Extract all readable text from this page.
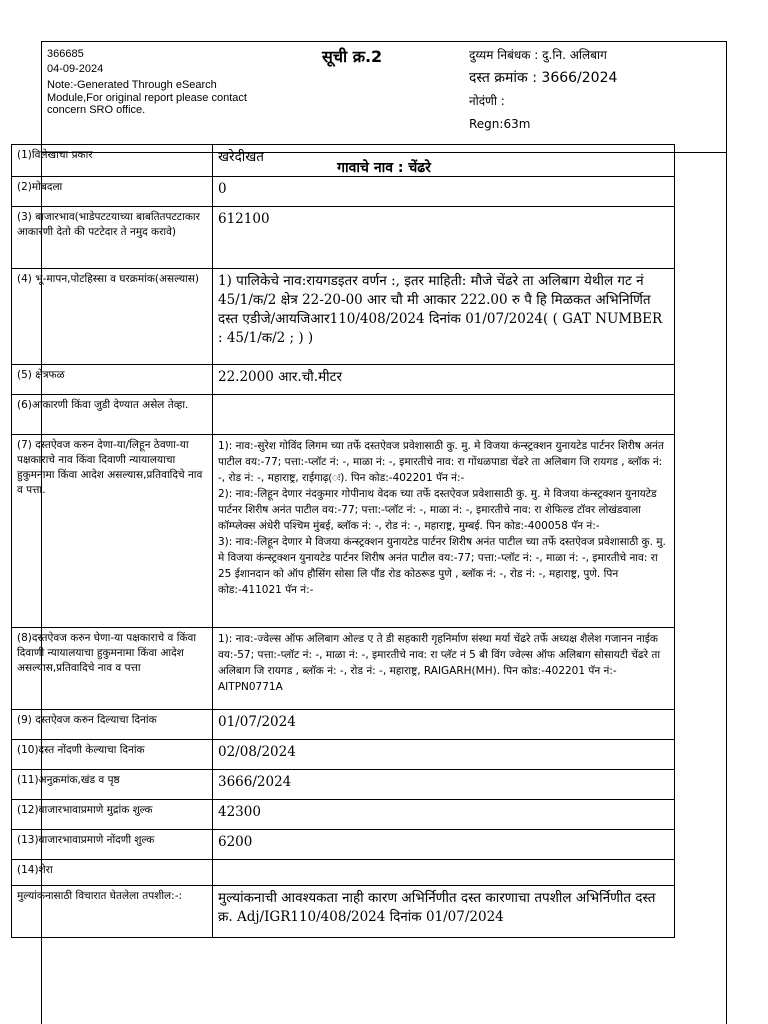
366685
04-09-2024
Note:-Generated Through eSearch Module,For original report please contact concern SRO office.
सूची क्र.2	दुय्यम निबंधक : दु.नि. अलिबाग
दस्त क्रमांक : 3666/2024
नोदंणी :
Regn:63m
गावाचे नाव : चेंढरे
(1)विलेखाचा प्रकार	खरेदीखत

(2)मोबदला	0

(3) बाजारभाव(भाडेपटटयाच्या बाबतितपटटाकार आकारणी देतो की पटटेदार ते नमुद करावे)	612100

(4) भू-मापन,पोटहिस्सा व घरक्रमांक(असल्यास)	1) पालिकेचे नाव:रायगडइतर वर्णन :, इतर माहिती: मौजे चेंढरे ता अलिबाग येथील गट नं 45/1/क/2 क्षेत्र 22-20-00 आर चौ मी आकार 222.00 रु पै हि मिळकत अभिनिर्णित दस्त एडीजे/आयजिआर110/408/2024 दिनांक 01/07/2024( ( GAT NUMBER : 45/1/क/2 ; ) )

(5) क्षेत्रफळ	22.2000 आर.चौ.मीटर

(6)आकारणी किंवा जुडी देण्यात असेल तेव्हा.	

(7) दस्तऐवज करुन देणा-या/लिहून ठेवणा-या पक्षकाराचे नाव किंवा दिवाणी न्यायालयाचा हुकुमनामा किंवा आदेश असल्यास,प्रतिवादिचे नाव व पत्ता.	1): नाव:-सुरेश गोविंद लिगम च्या तर्फे दस्तऐवज प्रवेशासाठी कु. मु. मे विजया कंन्स्ट्रक्शन युनायटेड पार्टनर शिरीष अनंत पाटील वय:-77; पत्ता:-प्लॉट नं: -, माळा नं: -, इमारतीचे नाव: रा गोंधळपाडा चेंढरे ता अलिबाग जि रायगड , ब्लॉक नं: -, रोड नं: -, महाराष्ट्र, राईगाढ़(ः). पिन कोड:-402201 पॅन नं:-
2): नाव:-लिहून देणार नंदकुमार गोपीनाथ वेदक च्या तर्फे दस्तऐवज प्रवेशासाठी कु. मु. मे विजया कंन्स्ट्रक्शन युनायटेड पार्टनर शिरीष अनंत पाटील वय:-77; पत्ता:-प्लॉट नं: -, माळा नं: -, इमारतीचे नाव: रा शेफिल्ड टॉवर लोखंडवाला कॉम्प्लेक्स अंधेरी पश्चिम मुंबई, ब्लॉक नं: -, रोड नं: -, महाराष्ट्र, मुम्बई. पिन कोड:-400058 पॅन नं:-
3): नाव:-लिहून देणार मे विजया कंन्स्ट्रक्शन युनायटेड पार्टनर शिरीष अनंत पाटील च्या तर्फे दस्तऐवज प्रवेशासाठी कु. मु. मे विजया कंन्स्ट्रक्शन युनायटेड पार्टनर शिरीष अनंत पाटील वय:-77; पत्ता:-प्लॉट नं: -, माळा नं: -, इमारतीचे नाव: रा 25 ईशानदान को ऑप हौसिंग सोसा लि पौंड रोड कोठरूड पुणे , ब्लॉक नं: -, रोड नं: -, महाराष्ट्र, पुणे. पिन कोड:-411021 पॅन नं:-

(8)दस्तऐवज करुन घेणा-या पक्षकाराचे व किंवा दिवाणी न्यायालयाचा हुकुमनामा किंवा आदेश असल्यास,प्रतिवादिचे नाव व पत्ता	1): नाव:-ज्वेल्स ऑफ अलिबाग ओल्ड ए ते डी सहकारी गृहनिर्माण संस्था मर्या चेंढरे तर्फे अध्यक्ष शैलेश गजानन नाईक वय:-57; पत्ता:-प्लॉट नं: -, माळा नं: -, इमारतीचे नाव: रा प्लॅट नं 5 बी विंग ज्वेल्स ऑफ अलिबाग सोसायटी चेंढरे ता अलिबाग जि रायगड , ब्लॉक नं: -, रोड नं: -, महाराष्ट्र, RAIGARH(MH). पिन कोड:-402201 पॅन नं:-AITPN0771A

(9) दस्तऐवज करुन दिल्याचा दिनांक	01/07/2024

(10)दस्त नोंदणी केल्याचा दिनांक	02/08/2024

(11)अनुक्रमांक,खंड व पृष्ठ	3666/2024

(12)बाजारभावाप्रमाणे मुद्रांक शुल्क	42300

(13)बाजारभावाप्रमाणे नोंदणी शुल्क	6200

(14)शेरा	

मुल्यांकनासाठी विचारात घेतलेला तपशील:-:	मुल्यांकनाची आवश्यकता नाही कारण अभिर्निणीत दस्त कारणाचा तपशील अभिर्निणीत दस्त क्र. Adj/IGR110/408/2024 दिनांक 01/07/2024
